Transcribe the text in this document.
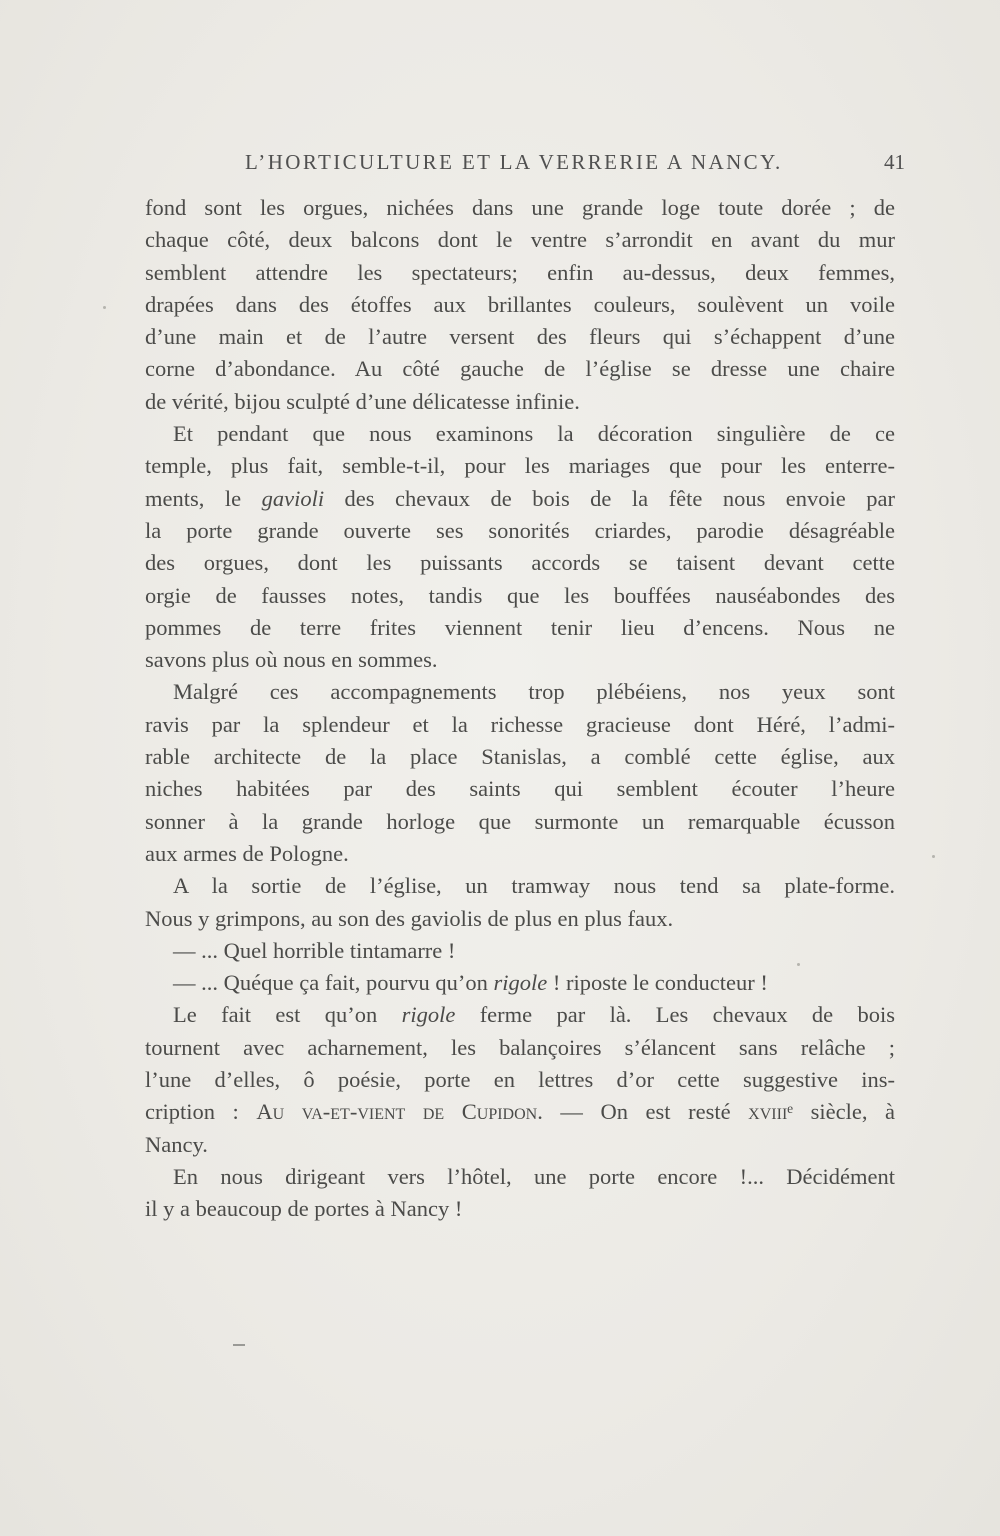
L’HORTICULTURE ET LA VERRERIE A NANCY.	41

fond sont les orgues, nichées dans une grande loge toute dorée ; de

chaque côté, deux balcons dont le ventre s’arrondit en avant du mur

semblent attendre les spectateurs; enfin au-dessus, deux femmes,

drapées dans des étoffes aux brillantes couleurs, soulèvent un voile

d’une main et de l’autre versent des fleurs qui s’échappent d’une

corne d’abondance. Au côté gauche de l’église se dresse une chaire

de vérité, bijou sculpté d’une délicatesse infinie.

Et pendant que nous examinons la décoration singulière de ce

temple, plus fait, semble-t-il, pour les mariages que pour les enterre-

ments, le gavioli des chevaux de bois de la fête nous envoie par

la porte grande ouverte ses sonorités criardes, parodie désagréable

des orgues, dont les puissants accords se taisent devant cette

orgie de fausses notes, tandis que les bouffées nauséabondes des

pommes de terre frites viennent tenir lieu d’encens. Nous ne

savons plus où nous en sommes.

Malgré ces accompagnements trop plébéiens, nos yeux sont

ravis par la splendeur et la richesse gracieuse dont Héré, l’admi-

rable architecte de la place Stanislas, a comblé cette église, aux

niches habitées par des saints qui semblent écouter l’heure

sonner à la grande horloge que surmonte un remarquable écusson

aux armes de Pologne.

A la sortie de l’église, un tramway nous tend sa plate-forme.

Nous y grimpons, au son des gaviolis de plus en plus faux.

— ... Quel horrible tintamarre !

— ... Quéque ça fait, pourvu qu’on rigole ! riposte le conducteur !

Le fait est qu’on rigole ferme par là. Les chevaux de bois

tournent avec acharnement, les balançoires s’élancent sans relâche ;

l’une d’elles, ô poésie, porte en lettres d’or cette suggestive ins-

cription : Au va-et-vient de Cupidon. — On est resté xviiiᵉ siècle, à

Nancy.

En nous dirigeant vers l’hôtel, une porte encore !... Décidément

il y a beaucoup de portes à Nancy !
